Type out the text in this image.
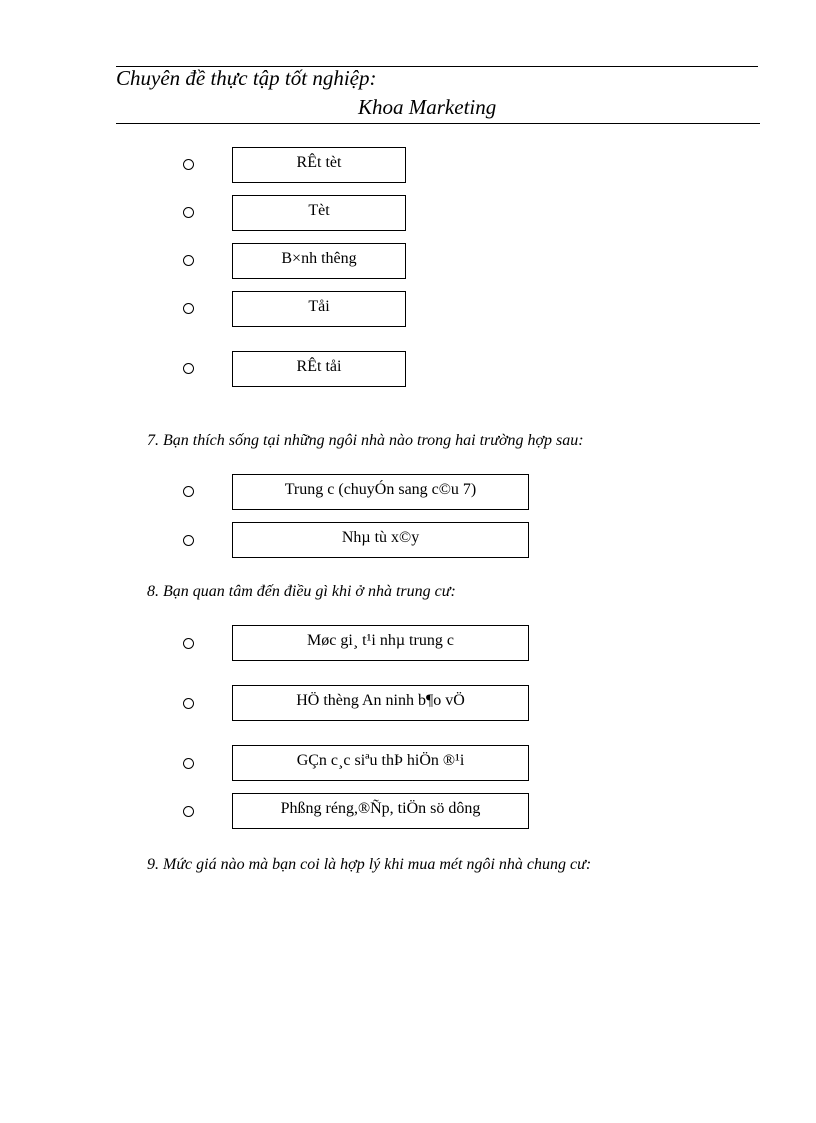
Chuyên đề thực tập tốt nghiệp:
Khoa Marketing
RÊt tèt
Tèt
B×nh thêng
Tåi
RÊt tåi
7. Bạn thích sống tại những ngôi nhà nào trong hai trường hợp sau:
Trung c (chuyÓn sang c©u 7)
Nhµ tù x©y
8. Bạn quan tâm đến điều gì khi ở nhà trung cư:
Møc gi¸ t¹i nhµ trung c
HÖ thèng An ninh b¶o vÖ
GÇn c¸c siªu thÞ hiÖn ®¹i
Phßng réng,®Ñp, tiÖn sö dông
9. Mức giá nào mà bạn coi là hợp lý khi mua mét ngôi nhà chung cư:
